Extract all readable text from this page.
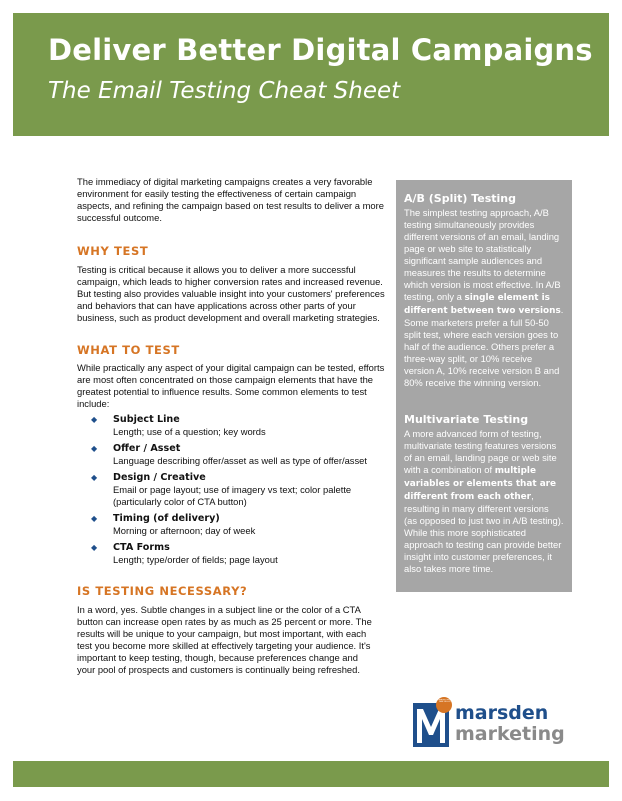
Deliver Better Digital Campaigns
The Email Testing Cheat Sheet

The immediacy of digital marketing campaigns creates a very favorable environment for easily testing the effectiveness of certain campaign aspects, and refining the campaign based on test results to deliver a more successful outcome.

WHY TEST

Testing is critical because it allows you to deliver a more successful campaign, which leads to higher conversion rates and increased revenue. But testing also provides valuable insight into your customers' preferences and behaviors that can have applications across other parts of your business, such as product development and overall marketing strategies.

WHAT TO TEST

While practically any aspect of your digital campaign can be tested, efforts are most often concentrated on those campaign elements that have the greatest potential to influence results. Some common elements to test include:

◆ Subject Line

Length; use of a question; key words

◆ Offer / Asset

Language describing offer/asset as well as type of offer/asset

◆ Design / Creative

Email or page layout; use of imagery vs text; color palette (particularly color of CTA button)

◆ Timing (of delivery)

Morning or afternoon; day of week

◆ CTA Forms

Length; type/order of fields; page layout

IS TESTING NECESSARY?

In a word, yes. Subtle changes in a subject line or the color of a CTA button can increase open rates by as much as 25 percent or more. The results will be unique to your campaign, but most important, with each test you become more skilled at effectively targeting your audience. It's important to keep testing, though, because preferences change and your pool of prospects and customers is continually being refreshed.

A/B (Split) Testing

The simplest testing approach, A/B testing simultaneously provides different versions of an email, landing page or web site to statistically significant sample audiences and measures the results to determine which version is most effective. In A/B testing, only a single element is different between two versions. Some marketers prefer a full 50-50 split test, where each version goes to half of the audience. Others prefer a three-way split, or 10% receive version A, 10% receive version B and 80% receive the winning version.

Multivariate Testing

A more advanced form of testing, multivariate testing features versions of an email, landing page or web site with a combination of multiple variables or elements that are different from each other, resulting in many different versions (as opposed to just two in A/B testing). While this more sophisticated approach to testing can provide better insight into customer preferences, it also takes more time.

MARKETING THAT SELLS marsden
marketing
